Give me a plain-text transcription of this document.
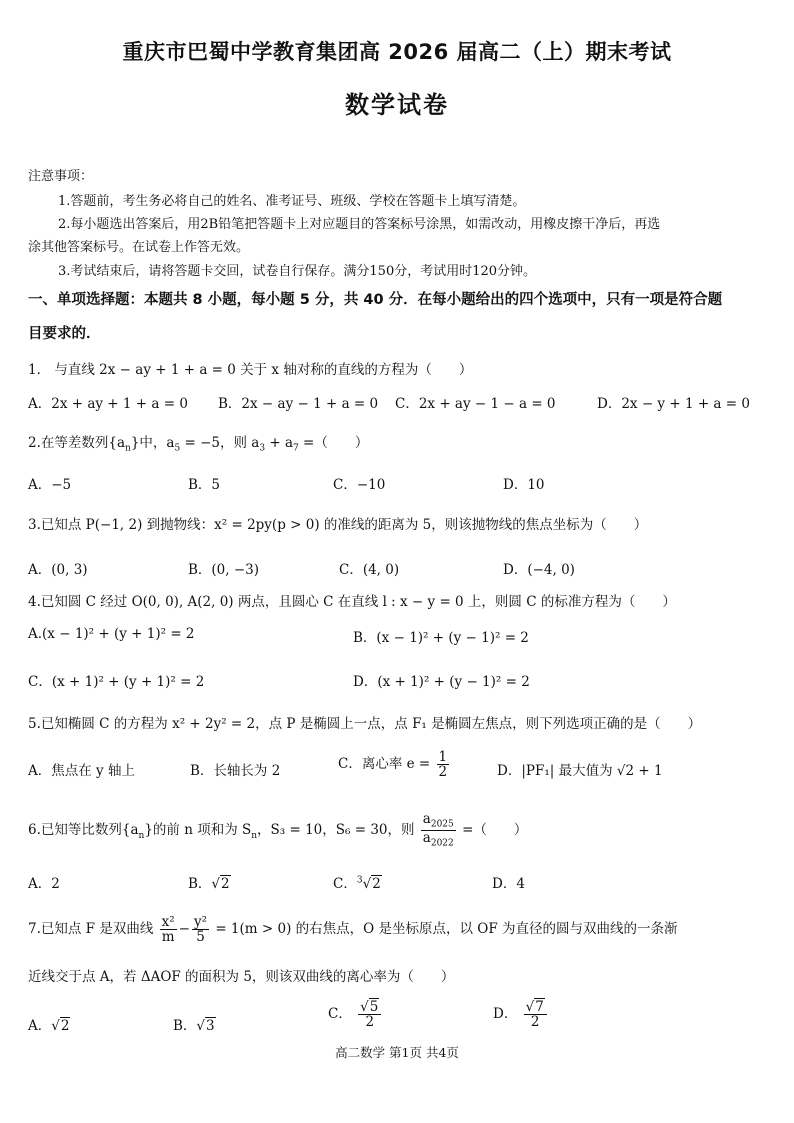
重庆市巴蜀中学教育集团高 2026 届高二（上）期末考试
数学试卷
注意事项：
1.答题前，考生务必将自己的姓名、准考证号、班级、学校在答题卡上填写清楚。
2.每小题选出答案后，用2B铅笔把答题卡上对应题目的答案标号涂黑，如需改动，用橡皮擦干净后，再选
涂其他答案标号。在试卷上作答无效。
3.考试结束后，请将答题卡交回，试卷自行保存。满分150分，考试用时120分钟。
一、单项选择题：本题共 8 小题，每小题 5 分，共 40 分．在每小题给出的四个选项中，只有一项是符合题
目要求的．
1． 与直线 2x − ay + 1 + a = 0 关于 x 轴对称的直线的方程为（　　）
A．2x + ay + 1 + a = 0 B．2x − ay − 1 + a = 0 C．2x + ay − 1 − a = 0	D．2x − y + 1 + a = 0
2.在等差数列$\{a_n\}$中，$a_5 = -5$，则 $a_3 + a_7$ =（　　）
A．−5	B．5	C．−10	D．10
3.已知点 P(−1, 2) 到抛物线：x² = 2py(p > 0) 的准线的距离为 5，则该抛物线的焦点坐标为（　　）
A．(0, 3)	B．(0, −3)	C．(4, 0)	D．(−4, 0)
4.已知圆 C 经过 O(0, 0), A(2, 0) 两点，且圆心 C 在直线 l : x − y = 0 上，则圆 C 的标准方程为（　　）
A.(x − 1)² + (y + 1)² = 2	B．(x − 1)² + (y − 1)² = 2
C．(x + 1)² + (y + 1)² = 2	D．(x + 1)² + (y − 1)² = 2
5.已知椭圆 C 的方程为 x² + 2y² = 2，点 P 是椭圆上一点，点 F₁ 是椭圆左焦点，则下列选项正确的是（　　）
A．焦点在 y 轴上	B．长轴长为 2	C．离心率 $e = \frac{1}{2}$	D．|PF₁| 最大值为 √2 + 1
6.已知等比数列$\{a_n\}$的前 n 项和为 $S_n$，S₃ = 10，S₆ = 30，则 $\frac{a_{2025}}{a_{2022}}$ =（　　）
A．2	B．√2	C．$^3$√2	D．4
7.已知点 F 是双曲线 $\frac{\text{x²}}{m} - \frac{\text{y²}}{5} = 1(m > 0)$ 的右焦点，O 是坐标原点，以 OF 为直径的圆与双曲线的一条渐
近线交于点 A，若 ΔAOF 的面积为 5，则该双曲线的离心率为（　　）
A．√2	B．√3
C． $\frac{√5}{2}$	D． $\frac{√7}{2}$
高二数学 第1页 共4页
